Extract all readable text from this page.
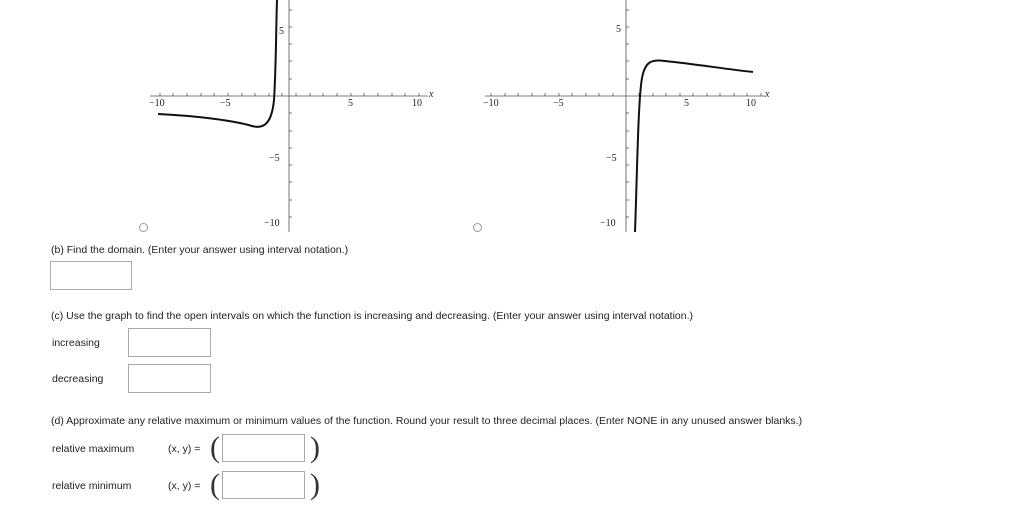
−10	−5	5	10
x
5
−5
−10
−10	−5	5	10
x
5
−5
−10
(b) Find the domain. (Enter your answer using interval notation.)
(c) Use the graph to find the open intervals on which the function is increasing and decreasing. (Enter your answer using interval notation.)
increasing
decreasing
(d) Approximate any relative maximum or minimum values of the function. Round your result to three decimal places. (Enter NONE in any unused answer blanks.)
relative maximum	(x, y) = (	)
relative minimum	(x, y) = (	)
